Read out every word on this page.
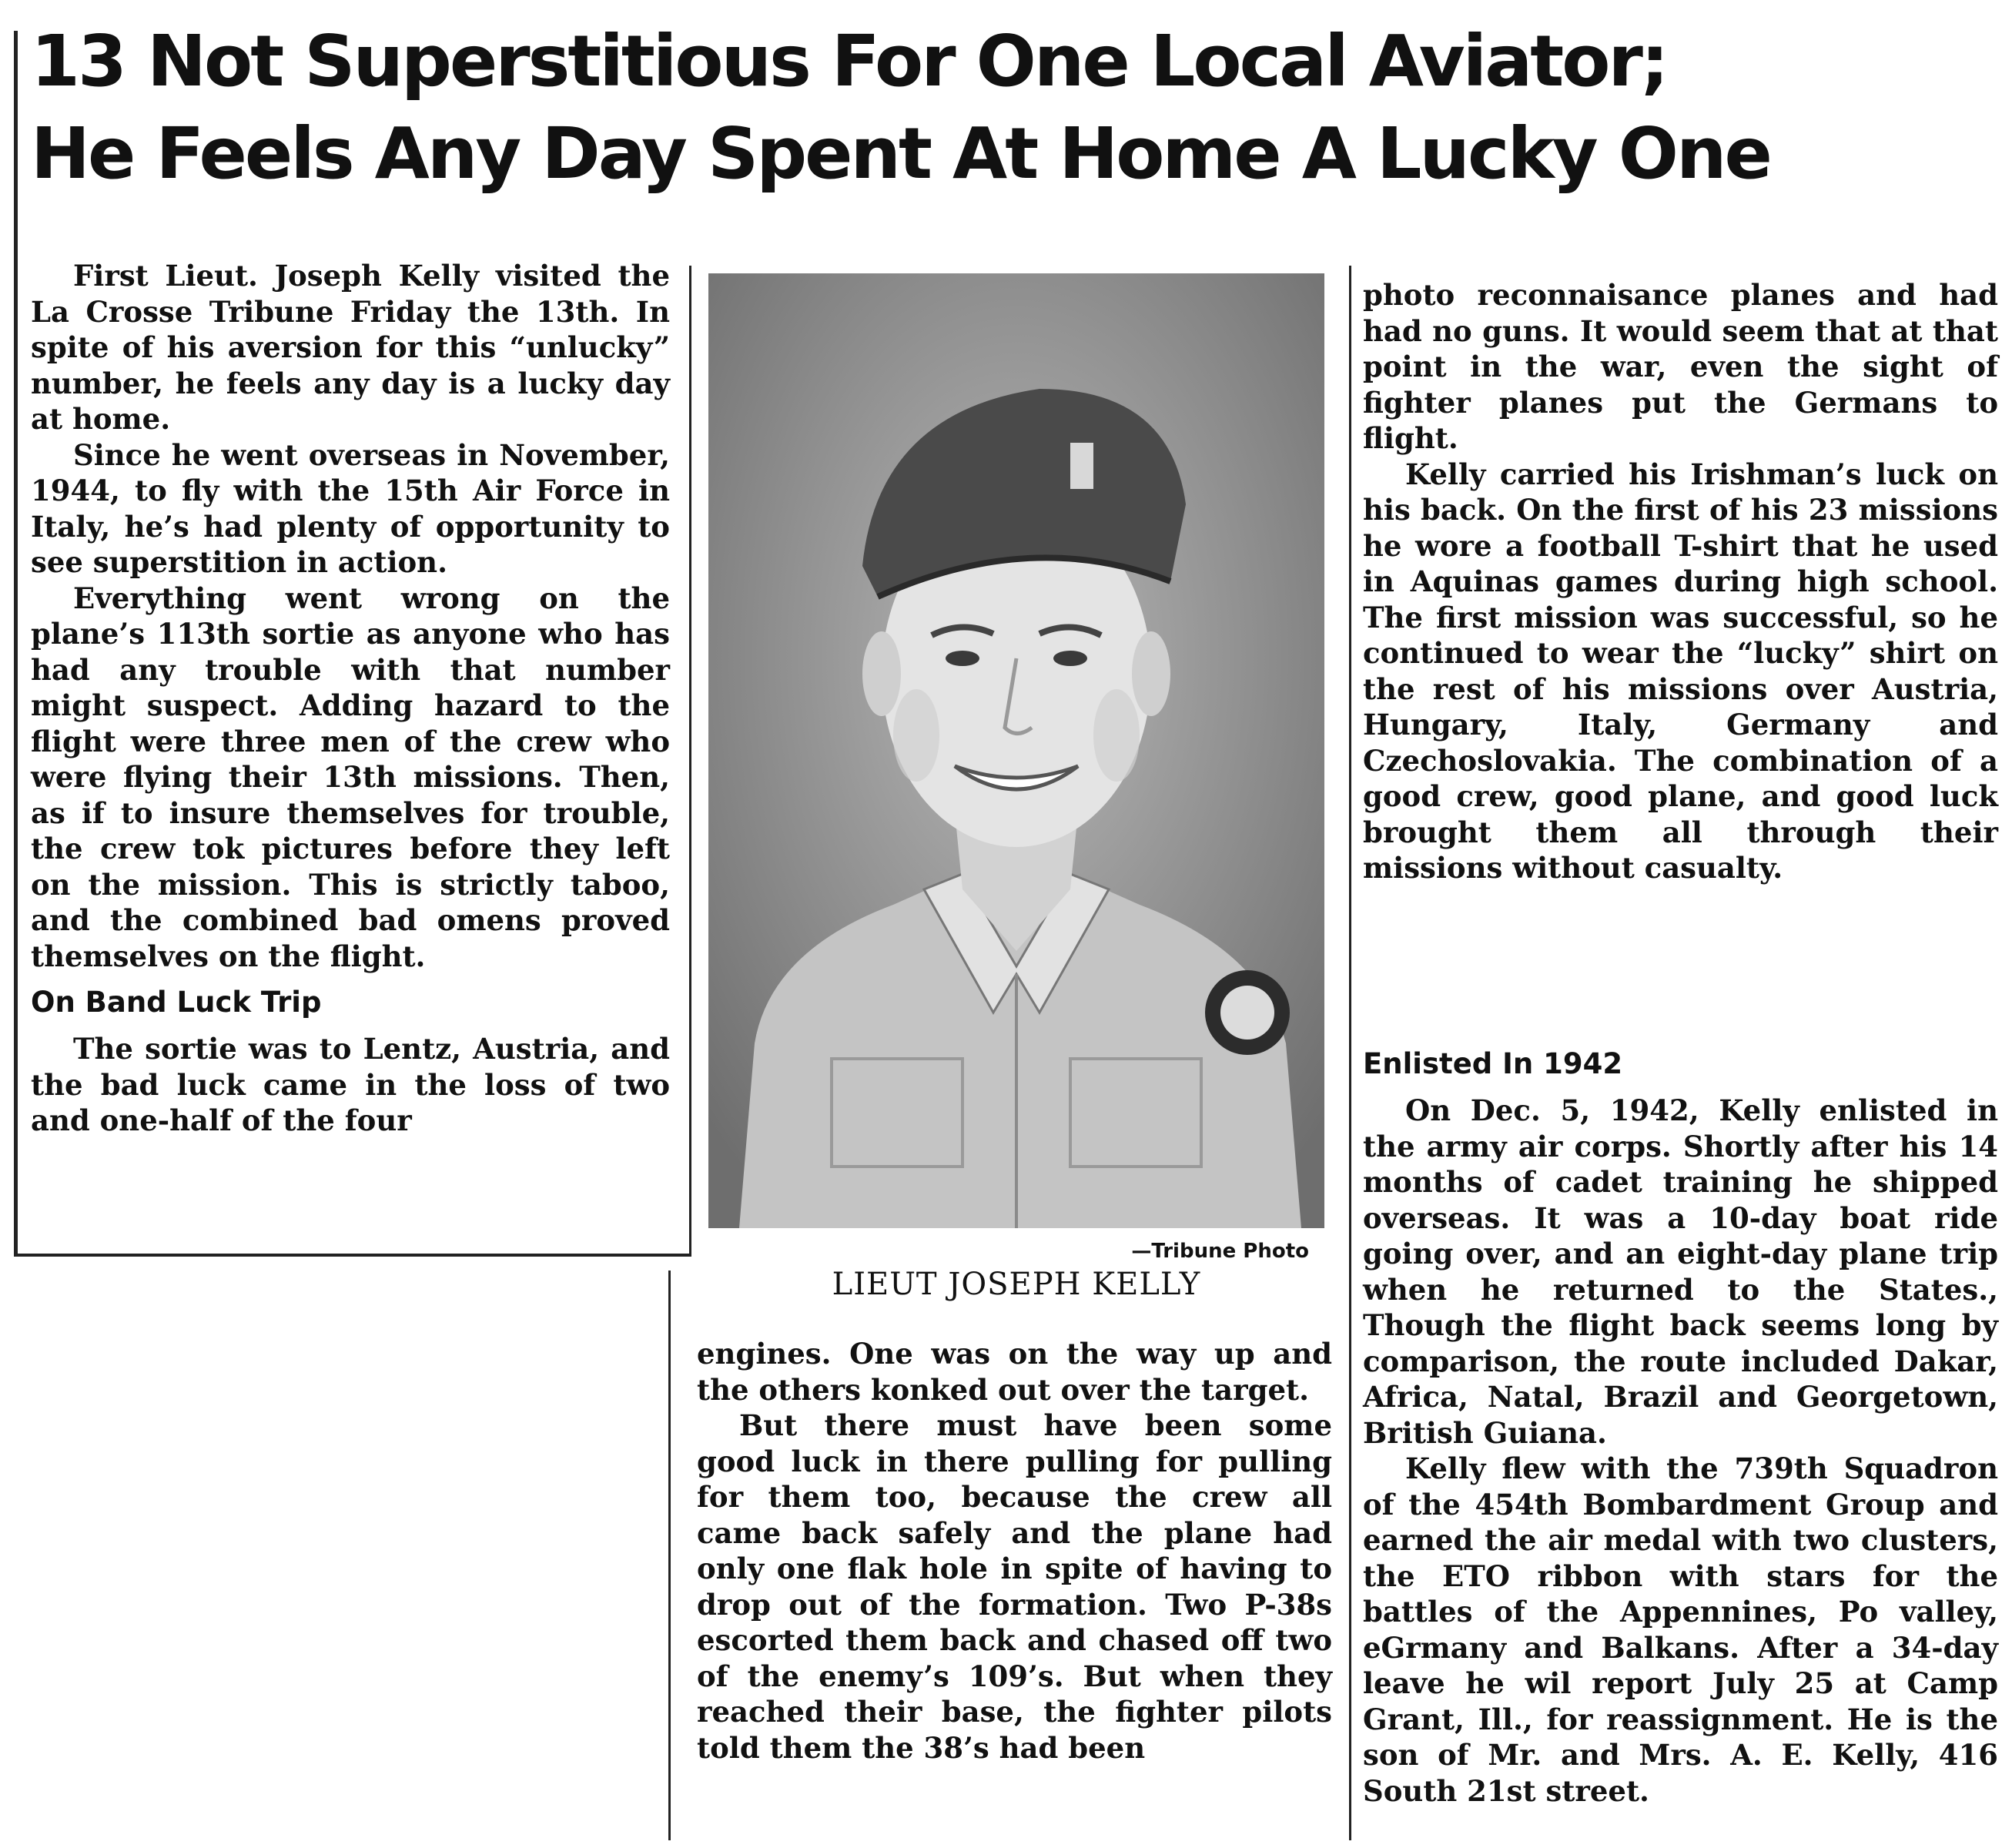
13 Not Superstitious For One Local Aviator;
He Feels Any Day Spent At Home A Lucky One

First Lieut. Joseph Kelly visited the La Crosse Tribune Friday the 13th. In spite of his aversion for this “unlucky” number, he feels any day is a lucky day at home.

Since he went overseas in November, 1944, to fly with the 15th Air Force in Italy, he’s had plenty of opportunity to see superstition in action.

Everything went wrong on the plane’s 113th sortie as anyone who has had any trouble with that number might suspect. Adding hazard to the flight were three men of the crew who were flying their 13th missions. Then, as if to insure themselves for trouble, the crew tok pictures before they left on the mission. This is strictly taboo, and the combined bad omens proved themselves on the flight.

On Band Luck Trip

The sortie was to Lentz, Austria, and the bad luck came in the loss of two and one-half of the four

—Tribune Photo
LIEUT JOSEPH KELLY

engines. One was on the way up and the others konked out over the target.

But there must have been some good luck in there pulling for pulling for them too, because the crew all came back safely and the plane had only one flak hole in spite of having to drop out of the formation. Two P-38s escorted them back and chased off two of the enemy’s 109’s. But when they reached their base, the fighter pilots told them the 38’s had been

photo reconnaisance planes and had had no guns. It would seem that at that point in the war, even the sight of fighter planes put the Germans to flight.

Kelly carried his Irishman’s luck on his back. On the first of his 23 missions he wore a football T-shirt that he used in Aquinas games during high school. The first mission was successful, so he continued to wear the “lucky” shirt on the rest of his missions over Austria, Hungary, Italy, Germany and Czechoslovakia. The combination of a good crew, good plane, and good luck brought them all through their missions without casualty.

Enlisted In 1942

On Dec. 5, 1942, Kelly enlisted in the army air corps. Shortly after his 14 months of cadet training he shipped overseas. It was a 10-day boat ride going over, and an eight-day plane trip when he returned to the States., Though the flight back seems long by comparison, the route included Dakar, Africa, Natal, Brazil and Georgetown, British Guiana.

Kelly flew with the 739th Squadron of the 454th Bombardment Group and earned the air medal with two clusters, the ETO ribbon with stars for the battles of the Appennines, Po valley, eGrmany and Balkans. After a 34-day leave he wil report July 25 at Camp Grant, Ill., for reassignment. He is the son of Mr. and Mrs. A. E. Kelly, 416 South 21st street.
